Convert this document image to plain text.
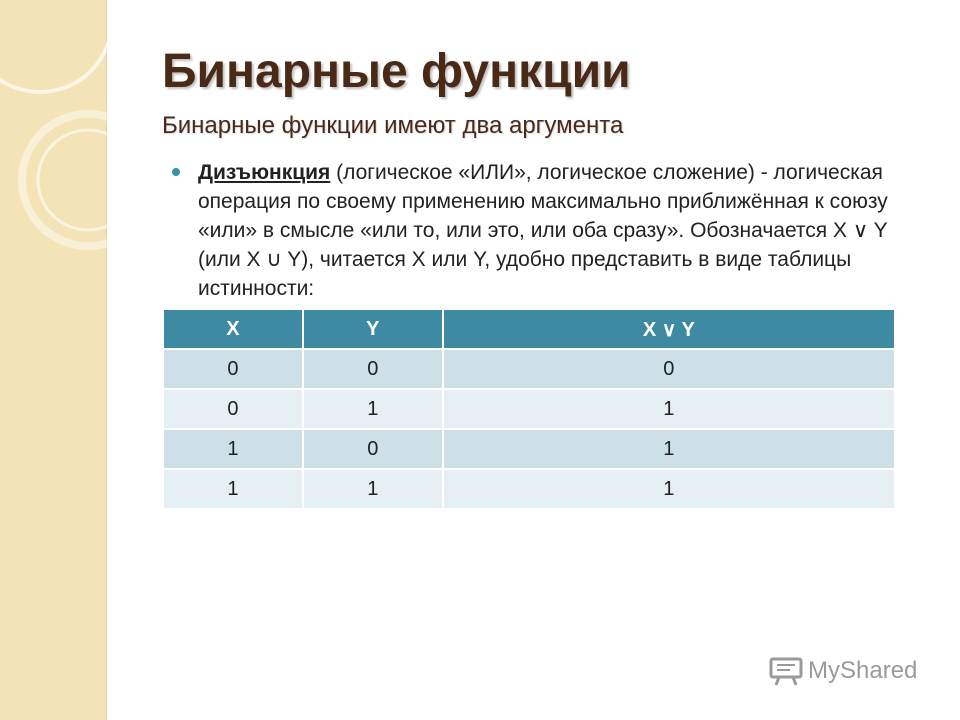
Бинарные функции
Бинарные функции имеют два аргумента
Дизъюнкция (логическое «ИЛИ», логическое сложение) - логическая операция по своему применению максимально приближённая к союзу «или» в смысле «или то, или это, или оба сразу». Обозначается X ∨ Y (или X ∪ Y), читается X или Y, удобно представить в виде таблицы истинности:
X	Y	X ∨ Y
0	0	0
0	1	1
1	0	1
1	1	1
MyShared
